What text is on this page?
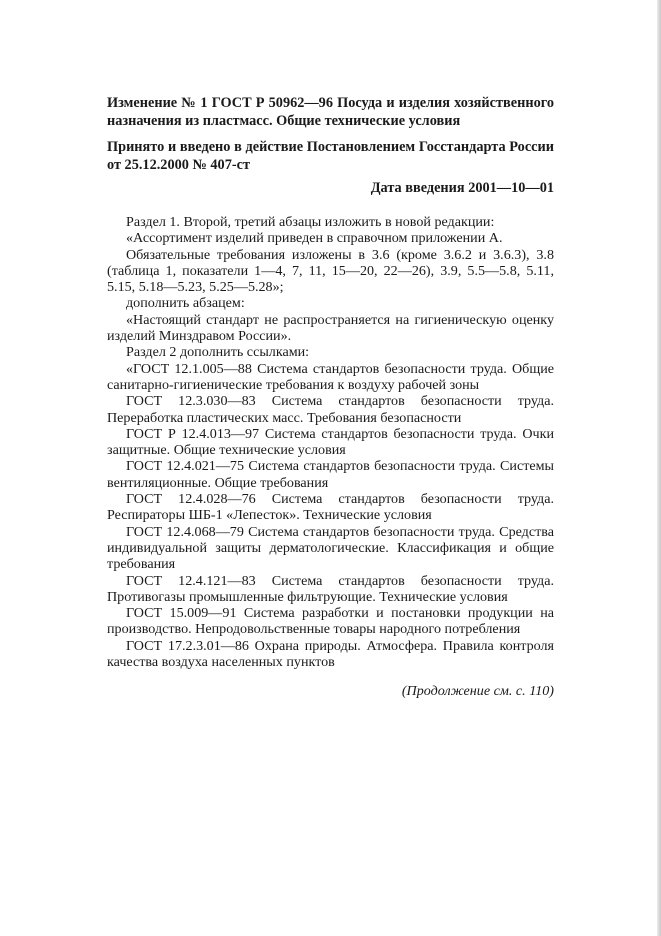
Изменение № 1 ГОСТ Р 50962—96 Посуда и изделия хозяйственного назначения из пластмасс. Общие технические условия

Принято и введено в действие Постановлением Госстандарта России от 25.12.2000 № 407-ст

Дата введения 2001—10—01

Раздел 1. Второй, третий абзацы изложить в новой редакции:

«Ассортимент изделий приведен в справочном приложении А.

Обязательные требования изложены в 3.6 (кроме 3.6.2 и 3.6.3), 3.8 (таблица 1, показатели 1—4, 7, 11, 15—20, 22—26), 3.9, 5.5—5.8, 5.11, 5.15, 5.18—5.23, 5.25—5.28»;

дополнить абзацем:

«Настоящий стандарт не распространяется на гигиеническую оценку изделий Минздравом России».

Раздел 2 дополнить ссылками:

«ГОСТ 12.1.005—88 Система стандартов безопасности труда. Общие санитарно-гигиенические требования к воздуху рабочей зоны

ГОСТ 12.3.030—83 Система стандартов безопасности труда. Переработка пластических масс. Требования безопасности

ГОСТ Р 12.4.013—97 Система стандартов безопасности труда. Очки защитные. Общие технические условия

ГОСТ 12.4.021—75 Система стандартов безопасности труда. Системы вентиляционные. Общие требования

ГОСТ 12.4.028—76 Система стандартов безопасности труда. Респираторы ШБ-1 «Лепесток». Технические условия

ГОСТ 12.4.068—79 Система стандартов безопасности труда. Средства индивидуальной защиты дерматологические. Классификация и общие требования

ГОСТ 12.4.121—83 Система стандартов безопасности труда. Противогазы промышленные фильтрующие. Технические условия

ГОСТ 15.009—91 Система разработки и постановки продукции на производство. Непродовольственные товары народного потребления

ГОСТ 17.2.3.01—86 Охрана природы. Атмосфера. Правила контроля качества воздуха населенных пунктов

(Продолжение см. с. 110)
